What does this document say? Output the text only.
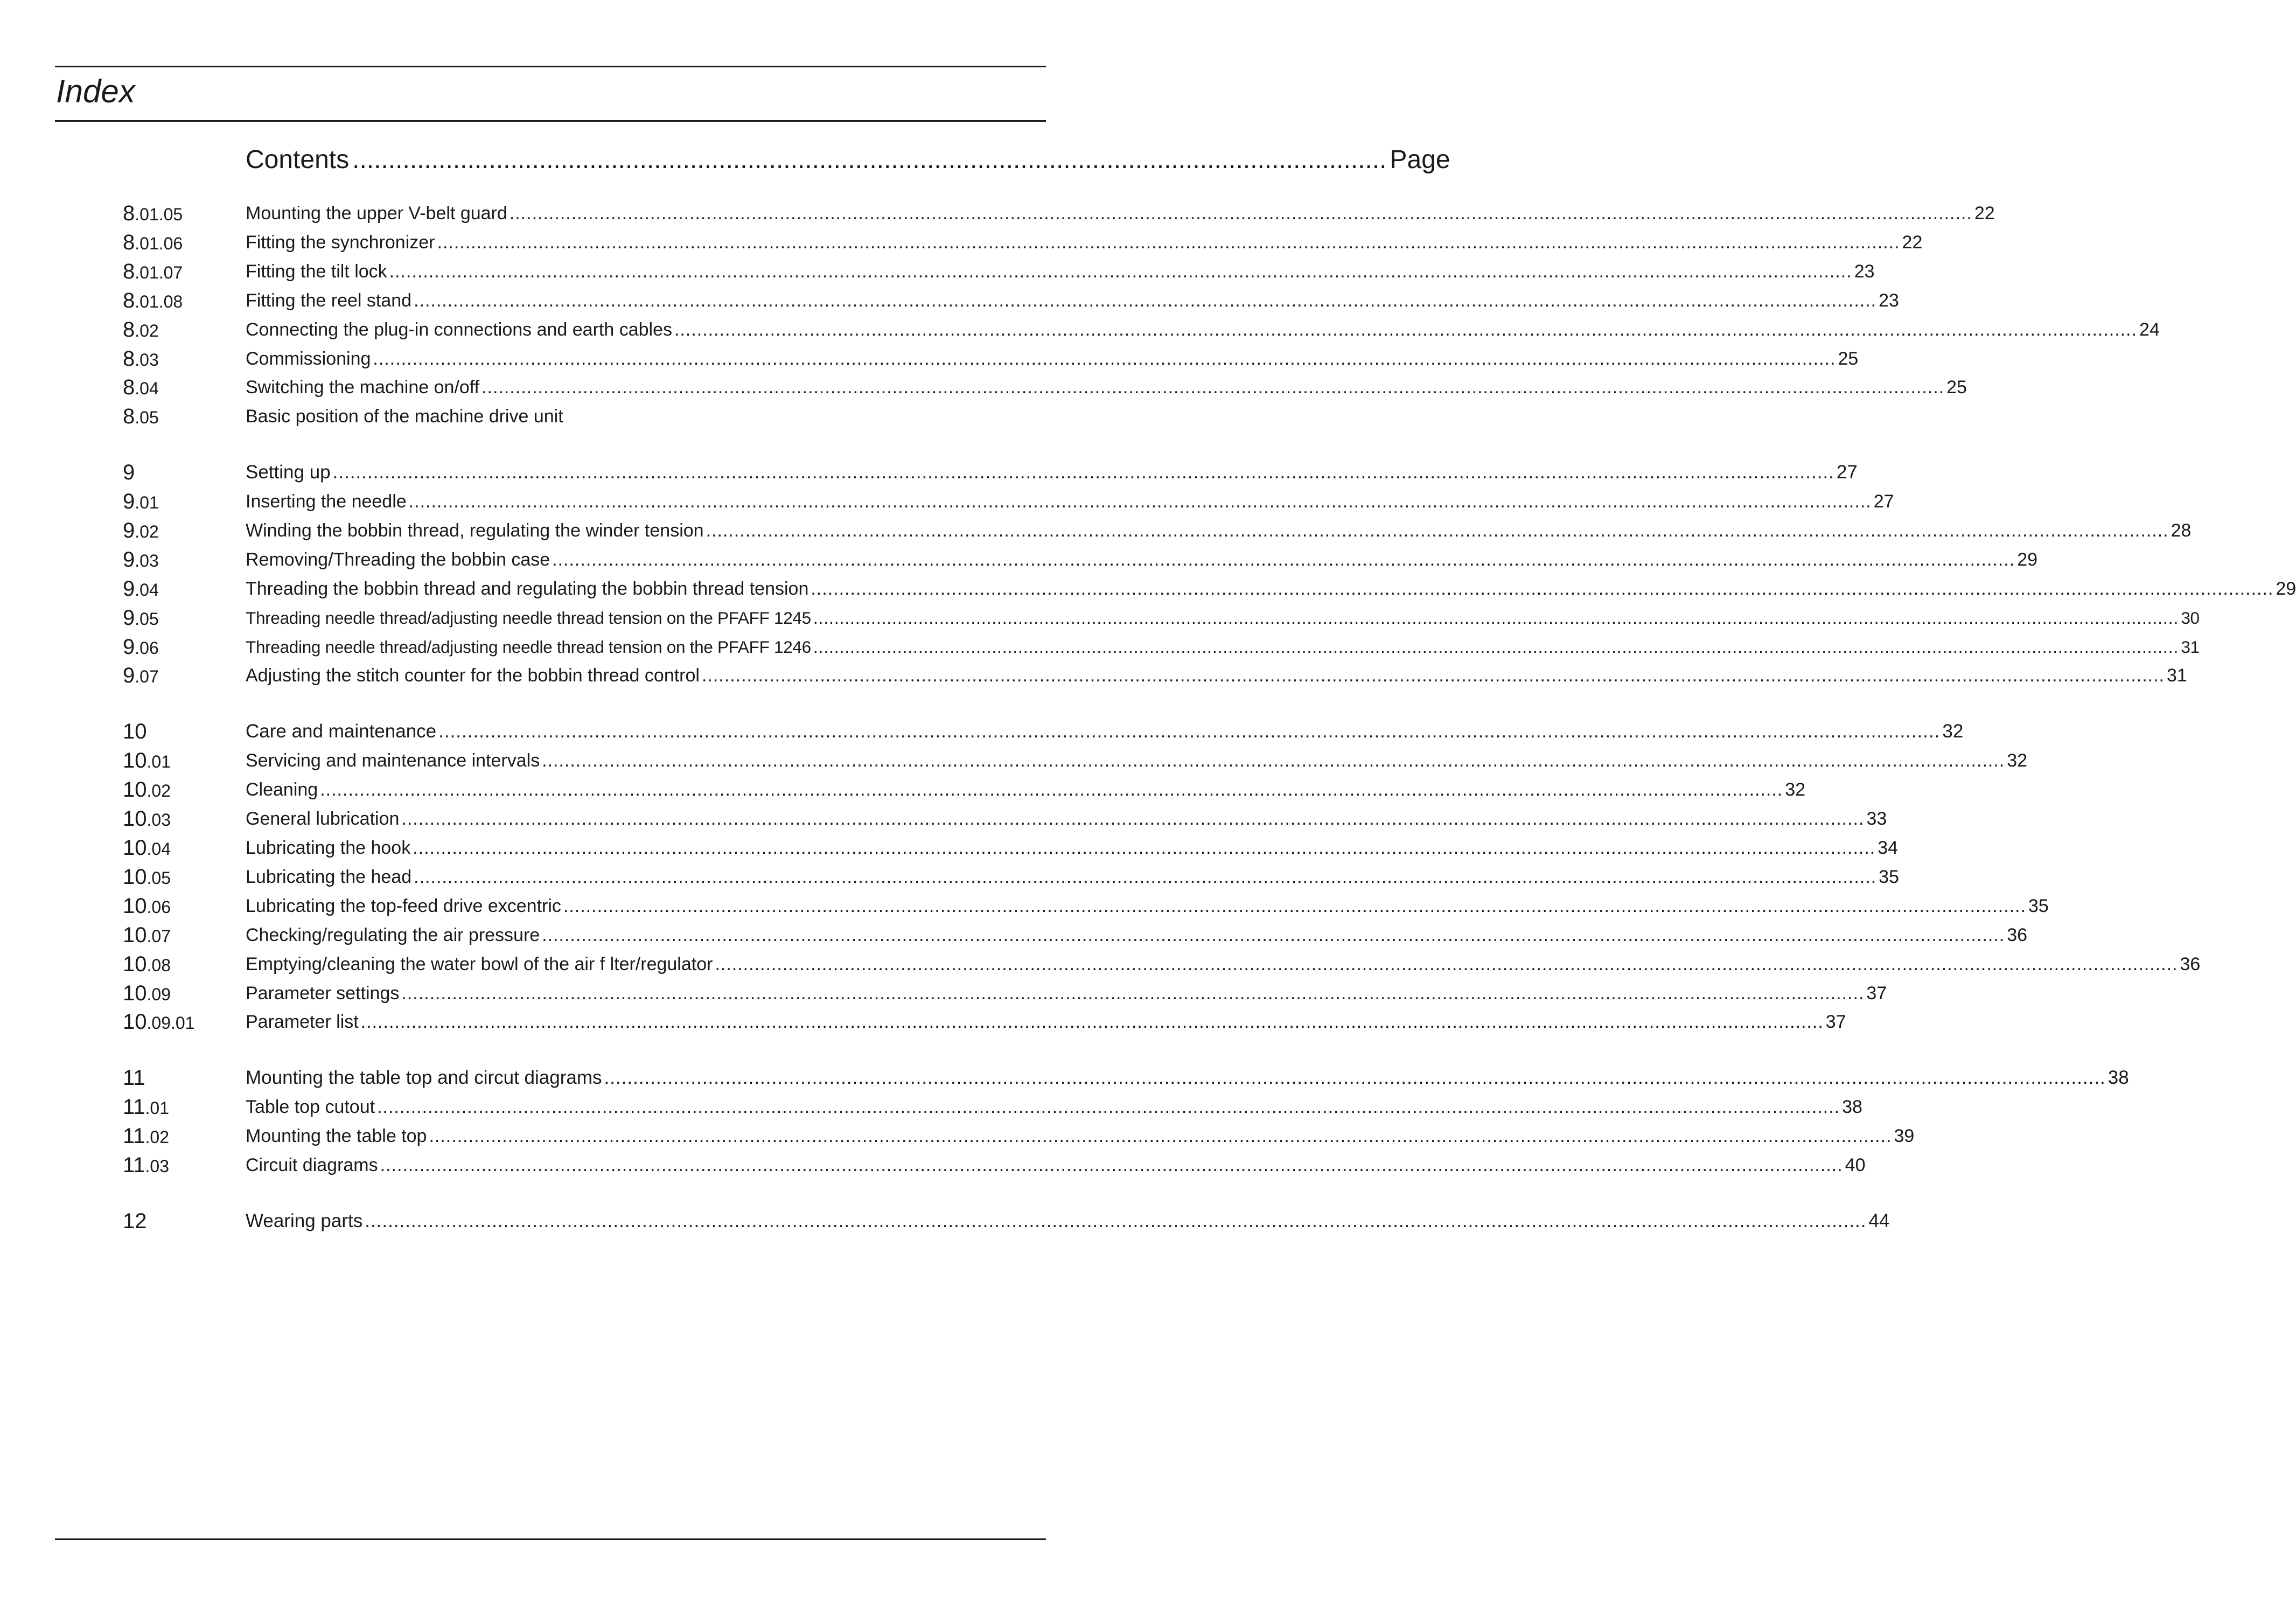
Index
Contents ................................................................................................................................................ Page
8.01.05	Mounting the upper V-belt guard .................................................................................................................................................................................................................................................................... 22
8.01.06	Fitting the synchronizer .................................................................................................................................................................................................................................................................... 22
8.01.07	Fitting the tilt lock .................................................................................................................................................................................................................................................................... 23
8.01.08	Fitting the reel stand .................................................................................................................................................................................................................................................................... 23
8.02	Connecting the plug-in connections and earth cables .................................................................................................................................................................................................................................................................... 24
8.03	Commissioning .................................................................................................................................................................................................................................................................... 25
8.04	Switching the machine on/off .................................................................................................................................................................................................................................................................... 25
8.05	Basic position of the machine drive unit
9	Setting up .................................................................................................................................................................................................................................................................... 27
9.01	Inserting the needle .................................................................................................................................................................................................................................................................... 27
9.02	Winding the bobbin thread, regulating the winder tension .................................................................................................................................................................................................................................................................... 28
9.03	Removing/Threading the bobbin case .................................................................................................................................................................................................................................................................... 29
9.04	Threading the bobbin thread and regulating the bobbin thread tension .................................................................................................................................................................................................................................................................... 29
9.05	Threading needle thread/adjusting needle thread tension on the PFAFF 1245 .................................................................................................................................................................................................................................................................... 30
9.06	Threading needle thread/adjusting needle thread tension on the PFAFF 1246 .................................................................................................................................................................................................................................................................... 31
9.07	Adjusting the stitch counter for the bobbin thread control .................................................................................................................................................................................................................................................................... 31
10	Care and maintenance .................................................................................................................................................................................................................................................................... 32
10.01	Servicing and maintenance intervals .................................................................................................................................................................................................................................................................... 32
10.02	Cleaning .................................................................................................................................................................................................................................................................... 32
10.03	General lubrication .................................................................................................................................................................................................................................................................... 33
10.04	Lubricating the hook .................................................................................................................................................................................................................................................................... 34
10.05	Lubricating the head .................................................................................................................................................................................................................................................................... 35
10.06	Lubricating the top-feed drive excentric .................................................................................................................................................................................................................................................................... 35
10.07	Checking/regulating the air pressure .................................................................................................................................................................................................................................................................... 36
10.08	Emptying/cleaning the water bowl of the air f lter/regulator .................................................................................................................................................................................................................................................................... 36
10.09	Parameter settings .................................................................................................................................................................................................................................................................... 37
10.09.01	Parameter list .................................................................................................................................................................................................................................................................... 37
11	Mounting the table top and circut diagrams .................................................................................................................................................................................................................................................................... 38
11.01	Table top cutout .................................................................................................................................................................................................................................................................... 38
11.02	Mounting the table top .................................................................................................................................................................................................................................................................... 39
11.03	Circuit diagrams .................................................................................................................................................................................................................................................................... 40
12	Wearing parts .................................................................................................................................................................................................................................................................... 44
